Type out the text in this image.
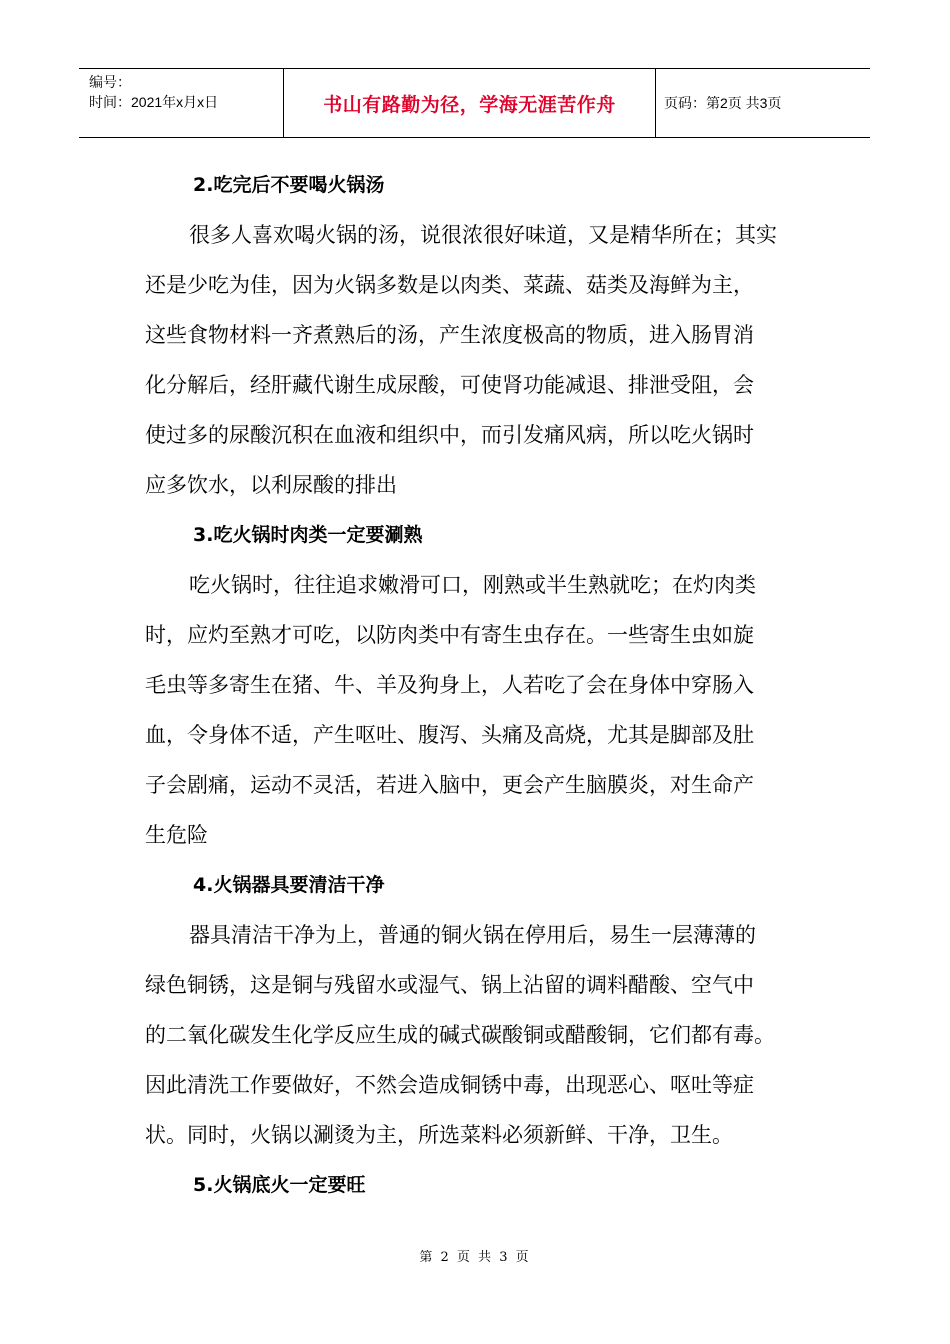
编号：
时间：2021年x月x日	书山有路勤为径，学海无涯苦作舟	页码：第2页 共3页
2.吃完后不要喝火锅汤
很多人喜欢喝火锅的汤，说很浓很好味道，又是精华所在；其实
还是少吃为佳，因为火锅多数是以肉类、菜蔬、菇类及海鲜为主，
这些食物材料一齐煮熟后的汤，产生浓度极高的物质，进入肠胃消
化分解后，经肝藏代谢生成尿酸，可使肾功能减退、排泄受阻，会
使过多的尿酸沉积在血液和组织中，而引发痛风病，所以吃火锅时
应多饮水，以利尿酸的排出
3.吃火锅时肉类一定要涮熟
吃火锅时，往往追求嫩滑可口，刚熟或半生熟就吃；在灼肉类
时，应灼至熟才可吃，以防肉类中有寄生虫存在。一些寄生虫如旋
毛虫等多寄生在猪、牛、羊及狗身上，人若吃了会在身体中穿肠入
血，令身体不适，产生呕吐、腹泻、头痛及高烧，尤其是脚部及肚
子会剧痛，运动不灵活，若进入脑中，更会产生脑膜炎，对生命产
生危险
4.火锅器具要清洁干净
器具清洁干净为上，普通的铜火锅在停用后，易生一层薄薄的
绿色铜锈，这是铜与残留水或湿气、锅上沾留的调料醋酸、空气中
的二氧化碳发生化学反应生成的碱式碳酸铜或醋酸铜，它们都有毒。
因此清洗工作要做好，不然会造成铜锈中毒，出现恶心、呕吐等症
状。同时，火锅以涮烫为主，所选菜料必须新鲜、干净，卫生。
5.火锅底火一定要旺
第 2 页 共 3 页
